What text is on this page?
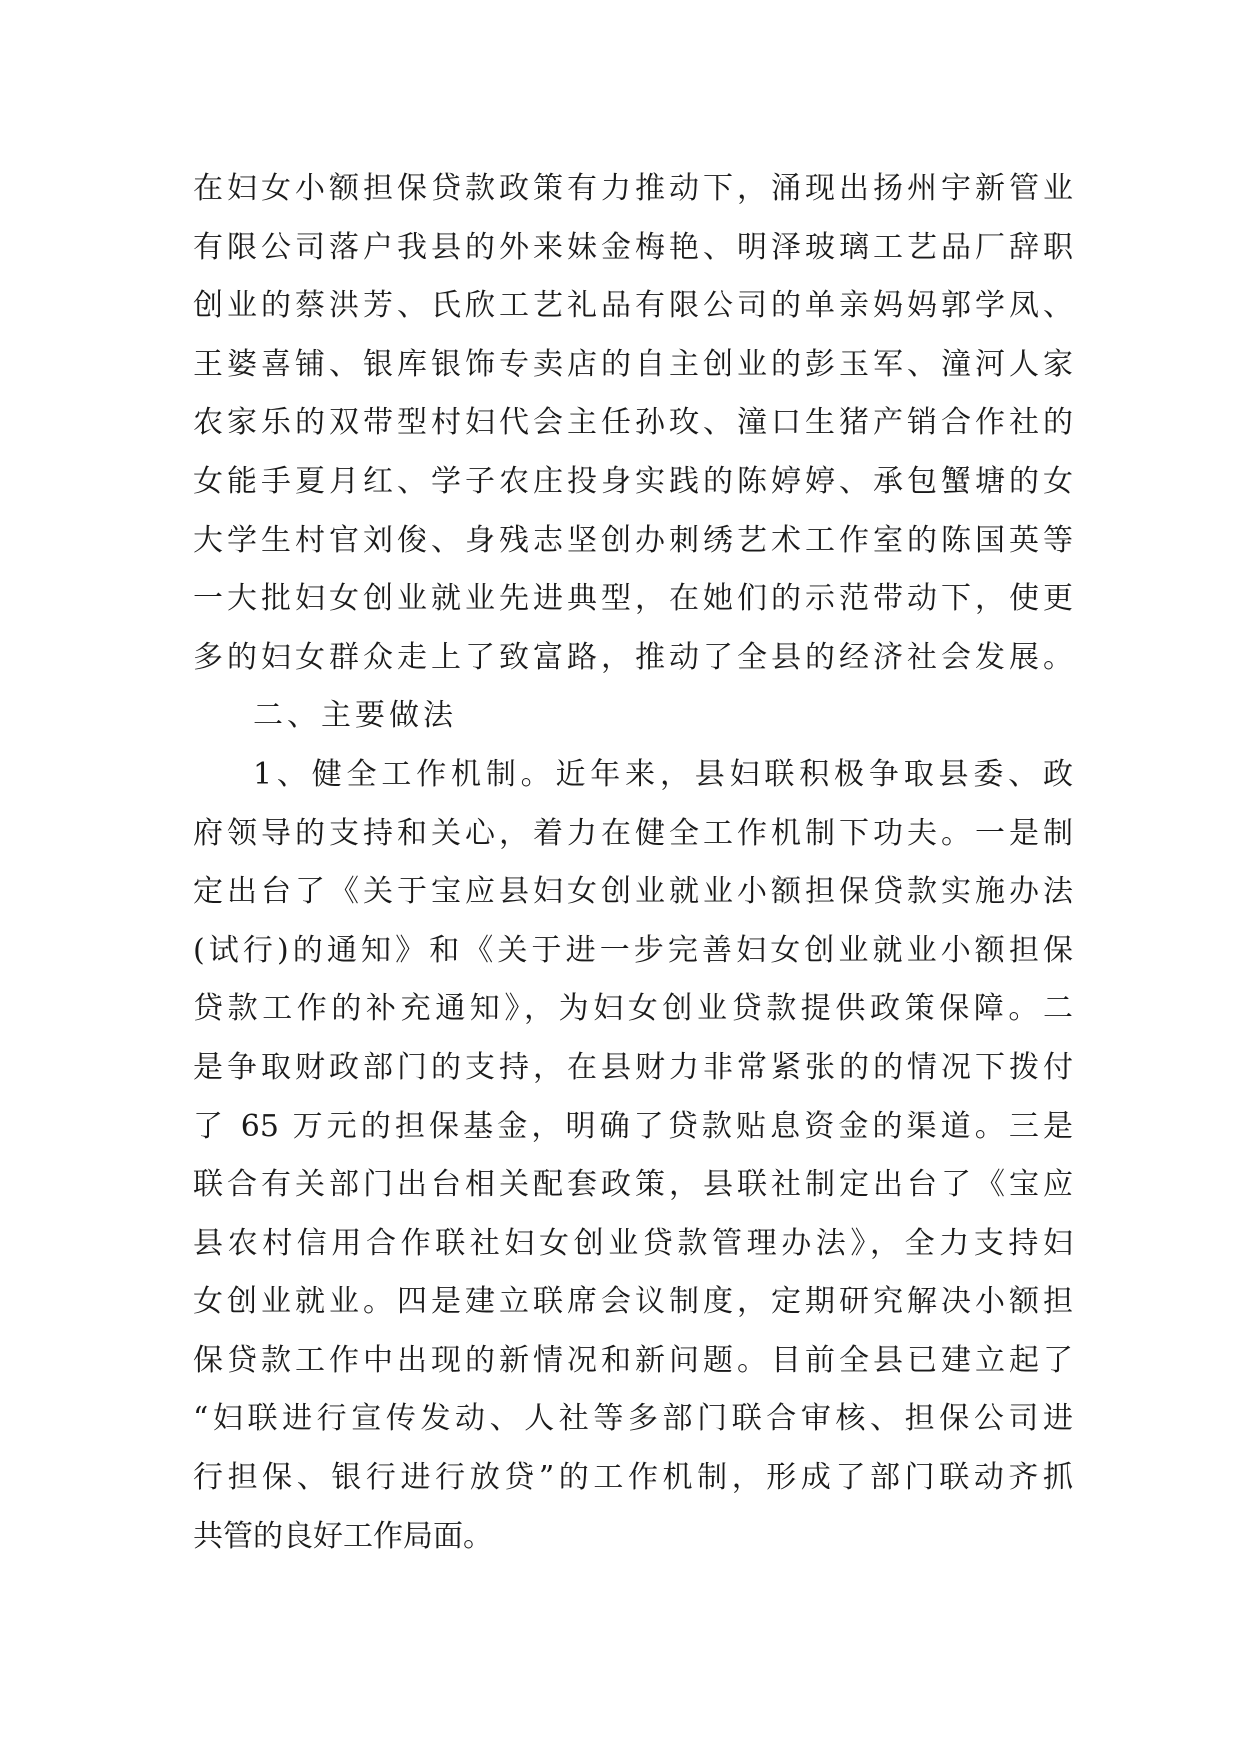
在妇女小额担保贷款政策有力推动下，涌现出扬州宇新管业
有限公司落户我县的外来妹金梅艳、明泽玻璃工艺品厂辞职
创业的蔡洪芳、氏欣工艺礼品有限公司的单亲妈妈郭学凤、
王婆喜铺、银库银饰专卖店的自主创业的彭玉军、潼河人家
农家乐的双带型村妇代会主任孙玫、潼口生猪产销合作社的
女能手夏月红、学子农庄投身实践的陈婷婷、承包蟹塘的女
大学生村官刘俊、身残志坚创办刺绣艺术工作室的陈国英等
一大批妇女创业就业先进典型，在她们的示范带动下，使更
多的妇女群众走上了致富路，推动了全县的经济社会发展。
二、主要做法
1、健全工作机制。近年来，县妇联积极争取县委、政
府领导的支持和关心，着力在健全工作机制下功夫。一是制
定出台了《关于宝应县妇女创业就业小额担保贷款实施办法
(试行)的通知》和《关于进一步完善妇女创业就业小额担保
贷款工作的补充通知》，为妇女创业贷款提供政策保障。二
是争取财政部门的支持，在县财力非常紧张的的情况下拨付
了 65 万元的担保基金，明确了贷款贴息资金的渠道。三是
联合有关部门出台相关配套政策，县联社制定出台了《宝应
县农村信用合作联社妇女创业贷款管理办法》，全力支持妇
女创业就业。四是建立联席会议制度，定期研究解决小额担
保贷款工作中出现的新情况和新问题。目前全县已建立起了
“妇联进行宣传发动、人社等多部门联合审核、担保公司进
行担保、银行进行放贷”的工作机制，形成了部门联动齐抓
共管的良好工作局面。
